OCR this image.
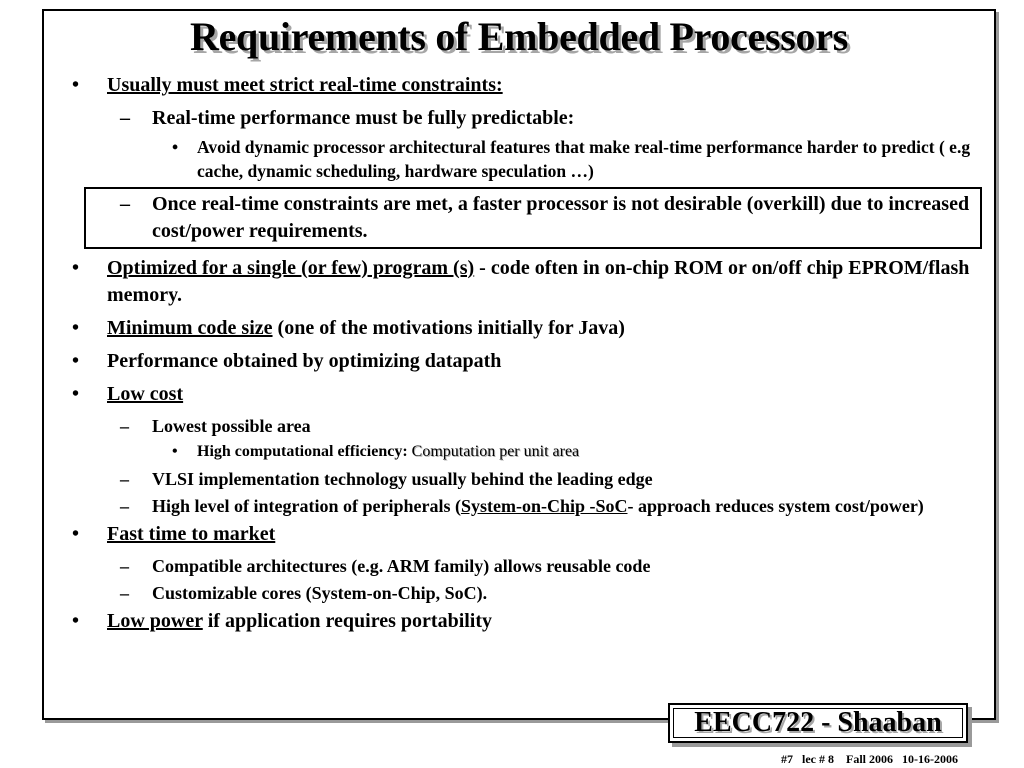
Requirements of Embedded Processors
• Usually must meet strict real-time constraints:
– Real-time performance must be fully predictable:
• Avoid dynamic processor architectural features that make real-time performance harder to predict ( e.g cache, dynamic scheduling, hardware speculation …)
– Once real-time constraints are met, a faster processor is not desirable (overkill) due to increased cost/power requirements.
• Optimized for a single (or few) program (s) - code often in on-chip ROM or on/off chip EPROM/flash memory.
• Minimum code size (one of the motivations initially for Java)
• Performance obtained by optimizing datapath
• Low cost
– Lowest possible area
• High computational efficiency: Computation per unit area
– VLSI implementation technology usually behind the leading edge
– High level of integration of peripherals (System-on-Chip -SoC- approach reduces system cost/power)
• Fast time to market
– Compatible architectures (e.g. ARM family) allows reusable code
– Customizable cores (System-on-Chip, SoC).
• Low power if application requires portability
EECC722 - Shaaban
#7   lec # 8    Fall 2006   10-16-2006
